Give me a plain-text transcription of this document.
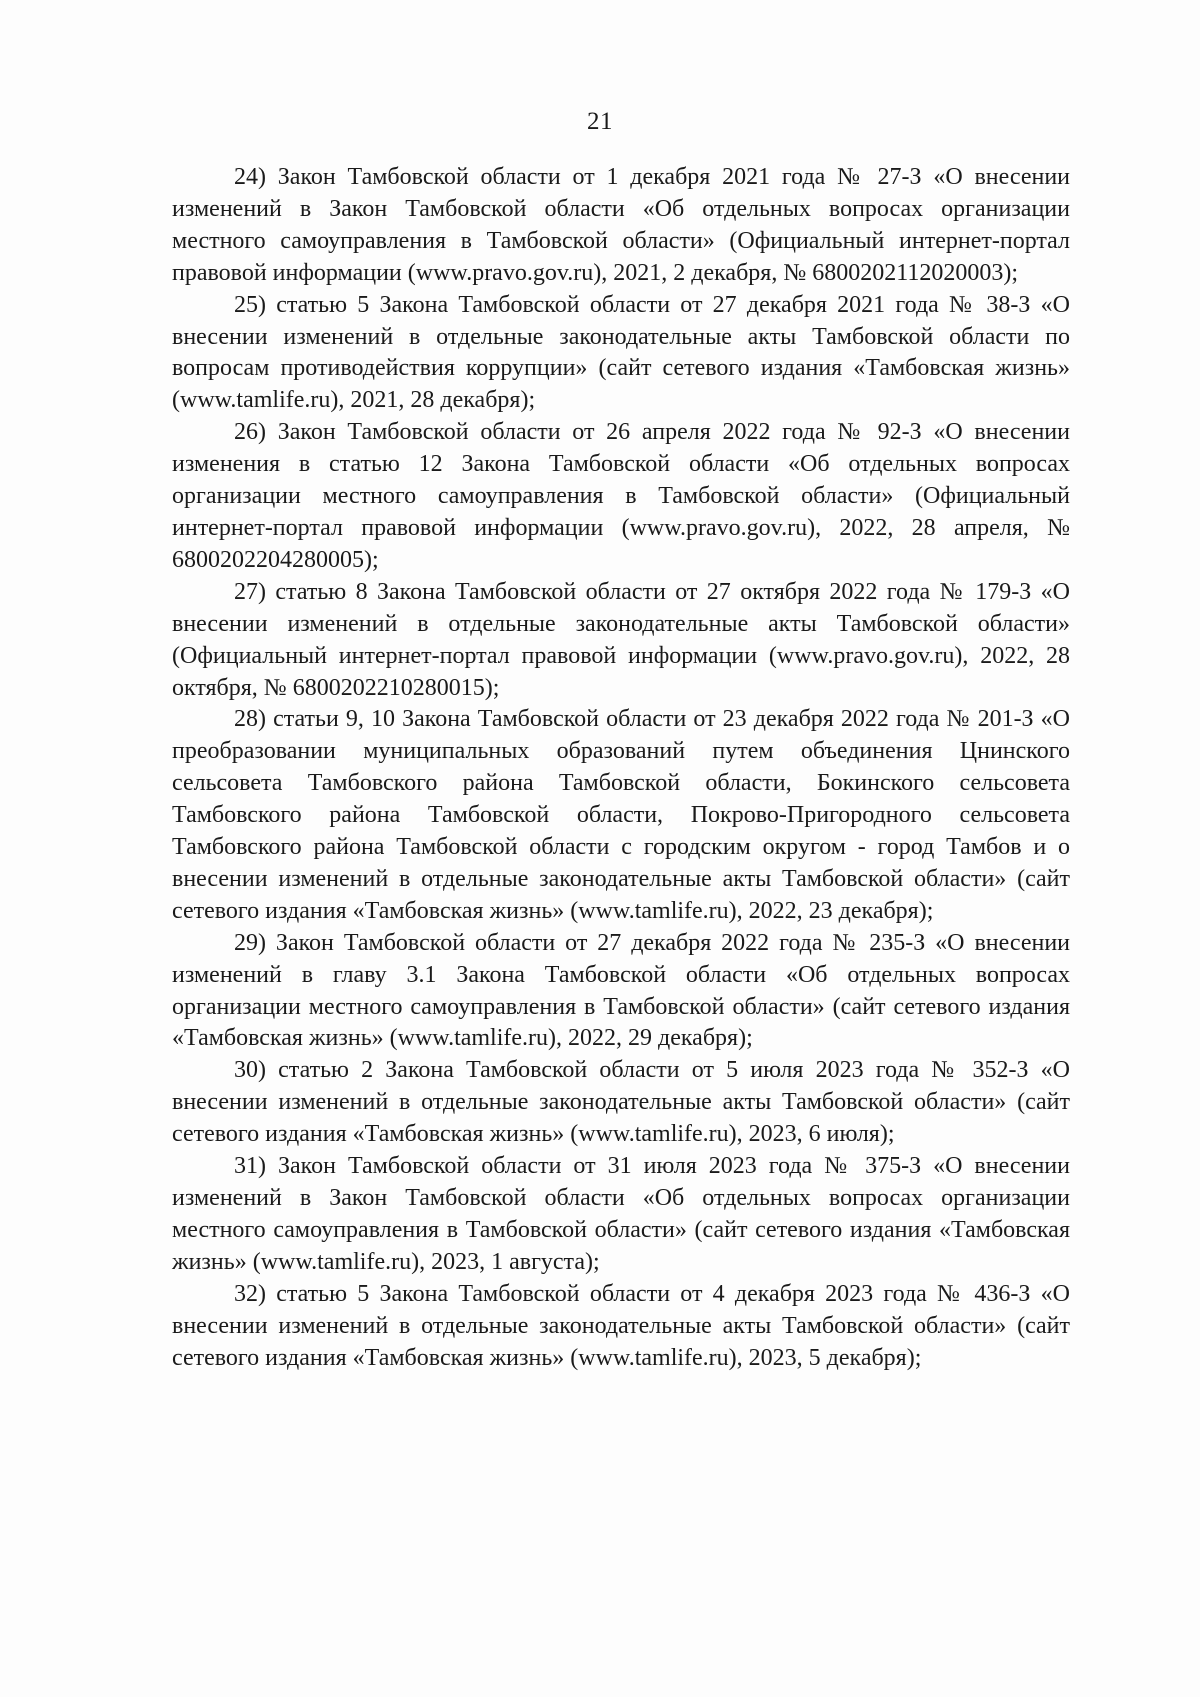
21

24) Закон Тамбовской области от 1 декабря 2021 года № 27-З «О внесении изменений в Закон Тамбовской области «Об отдельных вопросах организации местного самоуправления в Тамбовской области» (Официальный интернет-портал правовой информации (www.pravo.gov.ru), 2021, 2 декабря, № 6800202112020003);

25) статью 5 Закона Тамбовской области от 27 декабря 2021 года № 38-З «О внесении изменений в отдельные законодательные акты Тамбовской области по вопросам противодействия коррупции» (сайт сетевого издания «Тамбовская жизнь» (www.tamlife.ru), 2021, 28 декабря);

26) Закон Тамбовской области от 26 апреля 2022 года № 92-З «О внесении изменения в статью 12 Закона Тамбовской области «Об отдельных вопросах организации местного самоуправления в Тамбовской области» (Официальный интернет-портал правовой информации (www.pravo.gov.ru), 2022, 28 апреля, № 6800202204280005);

27) статью 8 Закона Тамбовской области от 27 октября 2022 года № 179-З «О внесении изменений в отдельные законодательные акты Тамбовской области» (Официальный интернет-портал правовой информации (www.pravo.gov.ru), 2022, 28 октября, № 6800202210280015);

28) статьи 9, 10 Закона Тамбовской области от 23 декабря 2022 года № 201-З «О преобразовании муниципальных образований путем объединения Цнинского сельсовета Тамбовского района Тамбовской области, Бокинского сельсовета Тамбовского района Тамбовской области, Покрово-Пригородного сельсовета Тамбовского района Тамбовской области с городским округом - город Тамбов и о внесении изменений в отдельные законодательные акты Тамбовской области» (сайт сетевого издания «Тамбовская жизнь» (www.tamlife.ru), 2022, 23 декабря);

29) Закон Тамбовской области от 27 декабря 2022 года № 235-З «О внесении изменений в главу 3.1 Закона Тамбовской области «Об отдельных вопросах организации местного самоуправления в Тамбовской области» (сайт сетевого издания «Тамбовская жизнь» (www.tamlife.ru), 2022, 29 декабря);

30) статью 2 Закона Тамбовской области от 5 июля 2023 года № 352-З «О внесении изменений в отдельные законодательные акты Тамбовской области» (сайт сетевого издания «Тамбовская жизнь» (www.tamlife.ru), 2023, 6 июля);

31) Закон Тамбовской области от 31 июля 2023 года № 375-З «О внесении изменений в Закон Тамбовской области «Об отдельных вопросах организации местного самоуправления в Тамбовской области» (сайт сетевого издания «Тамбовская жизнь» (www.tamlife.ru), 2023, 1 августа);

32) статью 5 Закона Тамбовской области от 4 декабря 2023 года № 436-З «О внесении изменений в отдельные законодательные акты Тамбовской области» (сайт сетевого издания «Тамбовская жизнь» (www.tamlife.ru), 2023, 5 декабря);
